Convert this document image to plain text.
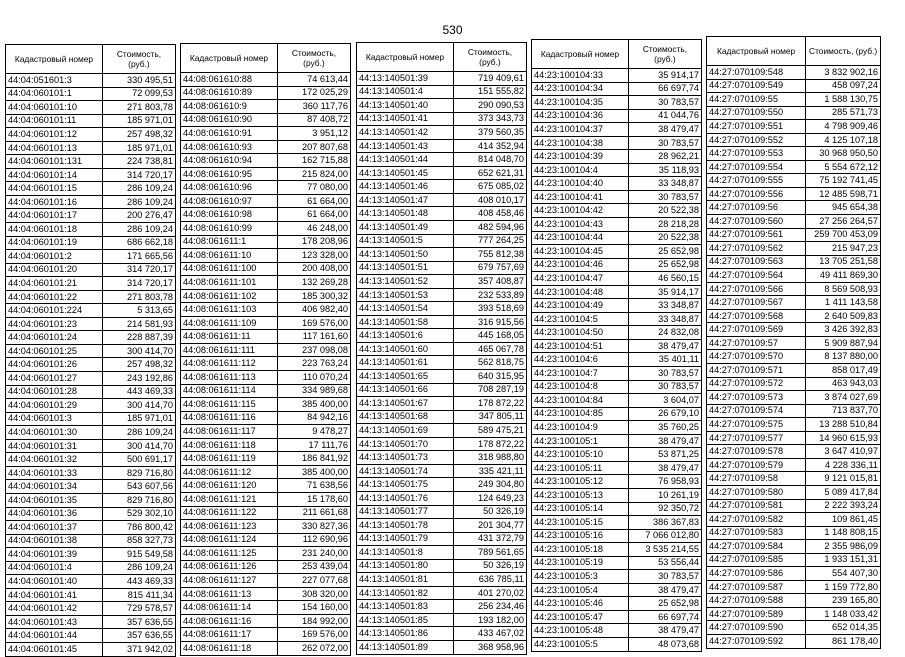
530
Кадастровый номер	Стоимость, (руб.)
44:04:051601:3	330 495,51
44:04:060101:1	72 099,53
44:04:060101:10	271 803,78
44:04:060101:11	185 971,01
44:04:060101:12	257 498,32
44:04:060101:13	185 971,01
44:04:060101:131	224 738,81
44:04:060101:14	314 720,17
44:04:060101:15	286 109,24
44:04:060101:16	286 109,24
44:04:060101:17	200 276,47
44:04:060101:18	286 109,24
44:04:060101:19	686 662,18
44:04:060101:2	171 665,56
44:04:060101:20	314 720,17
44:04:060101:21	314 720,17
44:04:060101:22	271 803,78
44:04:060101:224	5 313,65
44:04:060101:23	214 581,93
44:04:060101:24	228 887,39
44:04:060101:25	300 414,70
44:04:060101:26	257 498,32
44:04:060101:27	243 192,86
44:04:060101:28	443 469,33
44:04:060101:29	300 414,70
44:04:060101:3	185 971,01
44:04:060101:30	286 109,24
44:04:060101:31	300 414,70
44:04:060101:32	500 691,17
44:04:060101:33	829 716,80
44:04:060101:34	543 607,56
44:04:060101:35	829 716,80
44:04:060101:36	529 302,10
44:04:060101:37	786 800,42
44:04:060101:38	858 327,73
44:04:060101:39	915 549,58
44:04:060101:4	286 109,24
44:04:060101:40	443 469,33
44:04:060101:41	815 411,34
44:04:060101:42	729 578,57
44:04:060101:43	357 636,55
44:04:060101:44	357 636,55
44:04:060101:45	371 942,02
Кадастровый номер	Стоимость, (руб.)
44:08:061610:88	74 613,44
44:08:061610:89	172 025,29
44:08:061610:9	360 117,76
44:08:061610:90	87 408,72
44:08:061610:91	3 951,12
44:08:061610:93	207 807,68
44:08:061610:94	162 715,88
44:08:061610:95	215 824,00
44:08:061610:96	77 080,00
44:08:061610:97	61 664,00
44:08:061610:98	61 664,00
44:08:061610:99	46 248,00
44:08:061611:1	178 208,96
44:08:061611:10	123 328,00
44:08:061611:100	200 408,00
44:08:061611:101	132 269,28
44:08:061611:102	185 300,32
44:08:061611:103	406 982,40
44:08:061611:109	169 576,00
44:08:061611:11	117 161,60
44:08:061611:111	237 098,08
44:08:061611:112	223 763,24
44:08:061611:113	110 070,24
44:08:061611:114	334 989,68
44:08:061611:115	385 400,00
44:08:061611:116	84 942,16
44:08:061611:117	9 478,27
44:08:061611:118	17 111,76
44:08:061611:119	186 841,92
44:08:061611:12	385 400,00
44:08:061611:120	71 638,56
44:08:061611:121	15 178,60
44:08:061611:122	211 661,68
44:08:061611:123	330 827,36
44:08:061611:124	112 690,96
44:08:061611:125	231 240,00
44:08:061611:126	253 439,04
44:08:061611:127	227 077,68
44:08:061611:13	308 320,00
44:08:061611:14	154 160,00
44:08:061611:16	184 992,00
44:08:061611:17	169 576,00
44:08:061611:18	262 072,00
Кадастровый номер	Стоимость, (руб.)
44:13:140501:39	719 409,61
44:13:140501:4	151 555,82
44:13:140501:40	290 090,53
44:13:140501:41	373 343,73
44:13:140501:42	379 560,35
44:13:140501:43	414 352,94
44:13:140501:44	814 048,70
44:13:140501:45	652 621,31
44:13:140501:46	675 085,02
44:13:140501:47	408 010,17
44:13:140501:48	408 458,46
44:13:140501:49	482 594,96
44:13:140501:5	777 264,25
44:13:140501:50	755 812,38
44:13:140501:51	679 757,69
44:13:140501:52	357 408,87
44:13:140501:53	232 533,89
44:13:140501:54	393 518,69
44:13:140501:58	316 915,56
44:13:140501:6	445 168,05
44:13:140501:60	465 067,78
44:13:140501:61	562 818,75
44:13:140501:65	640 315,95
44:13:140501:66	708 287,19
44:13:140501:67	178 872,22
44:13:140501:68	347 805,11
44:13:140501:69	589 475,21
44:13:140501:70	178 872,22
44:13:140501:73	318 988,80
44:13:140501:74	335 421,11
44:13:140501:75	249 304,80
44:13:140501:76	124 649,23
44:13:140501:77	50 326,19
44:13:140501:78	201 304,77
44:13:140501:79	431 372,79
44:13:140501:8	789 561,65
44:13:140501:80	50 326,19
44:13:140501:81	636 785,11
44:13:140501:82	401 270,02
44:13:140501:83	256 234,46
44:13:140501:85	193 182,00
44:13:140501:86	433 467,02
44:13:140501:89	368 958,96
Кадастровый номер	Стоимость, (руб.)
44:23:100104:33	35 914,17
44:23:100104:34	66 697,74
44:23:100104:35	30 783,57
44:23:100104:36	41 044,76
44:23:100104:37	38 479,47
44:23:100104:38	30 783,57
44:23:100104:39	28 962,21
44:23:100104:4	35 118,93
44:23:100104:40	33 348,87
44:23:100104:41	30 783,57
44:23:100104:42	20 522,38
44:23:100104:43	28 218,28
44:23:100104:44	20 522,38
44:23:100104:45	25 652,98
44:23:100104:46	25 652,98
44:23:100104:47	46 560,15
44:23:100104:48	35 914,17
44:23:100104:49	33 348,87
44:23:100104:5	33 348,87
44:23:100104:50	24 832,08
44:23:100104:51	38 479,47
44:23:100104:6	35 401,11
44:23:100104:7	30 783,57
44:23:100104:8	30 783,57
44:23:100104:84	3 604,07
44:23:100104:85	26 679,10
44:23:100104:9	35 760,25
44:23:100105:1	38 479,47
44:23:100105:10	53 871,25
44:23:100105:11	38 479,47
44:23:100105:12	76 958,93
44:23:100105:13	10 261,19
44:23:100105:14	92 350,72
44:23:100105:15	386 367,83
44:23:100105:16	7 066 012,80
44:23:100105:18	3 535 214,55
44:23:100105:19	53 556,44
44:23:100105:3	30 783,57
44:23:100105:4	38 479,47
44:23:100105:46	25 652,98
44:23:100105:47	66 697,74
44:23:100105:48	38 479,47
44:23:100105:5	48 073,68
Кадастровый номер	Стоимость, (руб.)
44:27:070109:548	3 832 902,16
44:27:070109:549	458 097,24
44:27:070109:55	1 588 130,75
44:27:070109:550	285 571,73
44:27:070109:551	4 798 909,46
44:27:070109:552	4 125 107,18
44:27:070109:553	30 968 950,50
44:27:070109:554	5 554 672,12
44:27:070109:555	75 192 741,45
44:27:070109:556	12 485 598,71
44:27:070109:56	945 654,38
44:27:070109:560	27 256 264,57
44:27:070109:561	259 700 453,09
44:27:070109:562	215 947,23
44:27:070109:563	13 705 251,58
44:27:070109:564	49 411 869,30
44:27:070109:566	8 569 508,93
44:27:070109:567	1 411 143,58
44:27:070109:568	2 640 509,83
44:27:070109:569	3 426 392,83
44:27:070109:57	5 909 887,94
44:27:070109:570	8 137 880,00
44:27:070109:571	858 017,49
44:27:070109:572	463 943,03
44:27:070109:573	3 874 027,69
44:27:070109:574	713 837,70
44:27:070109:575	13 288 510,84
44:27:070109:577	14 960 615,93
44:27:070109:578	3 647 410,97
44:27:070109:579	4 228 336,11
44:27:070109:58	9 121 015,81
44:27:070109:580	5 089 417,84
44:27:070109:581	2 222 393,24
44:27:070109:582	109 861,45
44:27:070109:583	1 148 808,15
44:27:070109:584	2 355 986,09
44:27:070109:585	1 933 151,31
44:27:070109:586	554 407,30
44:27:070109:587	1 159 772,80
44:27:070109:588	239 165,80
44:27:070109:589	1 148 033,42
44:27:070109:590	652 014,35
44:27:070109:592	861 178,40
